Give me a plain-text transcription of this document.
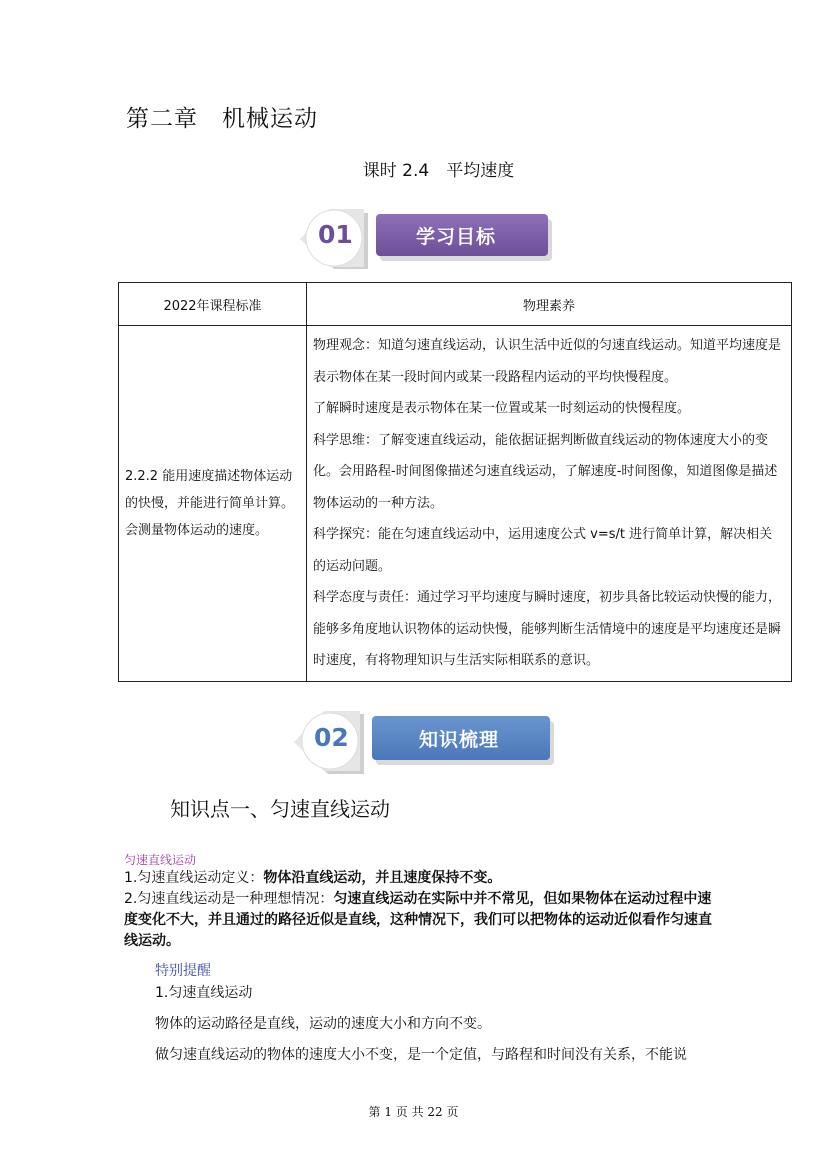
第二章　机械运动
课时 2.4　平均速度
01	学习目标
2022年课程标准	物理素养
2.2.2 能用速度描述物体运动的快慢，并能进行简单计算。会测量物体运动的速度。	物理观念：知道匀速直线运动，认识生活中近似的匀速直线运动。知道平均速度是表示物体在某一段时间内或某一段路程内运动的平均快慢程度。

了解瞬时速度是表示物体在某一位置或某一时刻运动的快慢程度。

科学思维：了解变速直线运动，能依据证据判断做直线运动的物体速度大小的变化。会用路程-时间图像描述匀速直线运动，了解速度-时间图像，知道图像是描述物体运动的一种方法。

科学探究：能在匀速直线运动中，运用速度公式 v=s/t 进行简单计算，解决相关的运动问题。

科学态度与责任：通过学习平均速度与瞬时速度，初步具备比较运动快慢的能力，能够多角度地认识物体的运动快慢，能够判断生活情境中的速度是平均速度还是瞬时速度，有将物理知识与生活实际相联系的意识。

02	知识梳理
知识点一、匀速直线运动
匀速直线运动
1.匀速直线运动定义：物体沿直线运动，并且速度保持不变。
2.匀速直线运动是一种理想情况：匀速直线运动在实际中并不常见，但如果物体在运动过程中速度变化不大，并且通过的路径近似是直线，这种情况下，我们可以把物体的运动近似看作匀速直线运动。
特别提醒
1.匀速直线运动
物体的运动路径是直线，运动的速度大小和方向不变。
做匀速直线运动的物体的速度大小不变，是一个定值，与路程和时间没有关系，不能说
第 1 页 共 22 页
